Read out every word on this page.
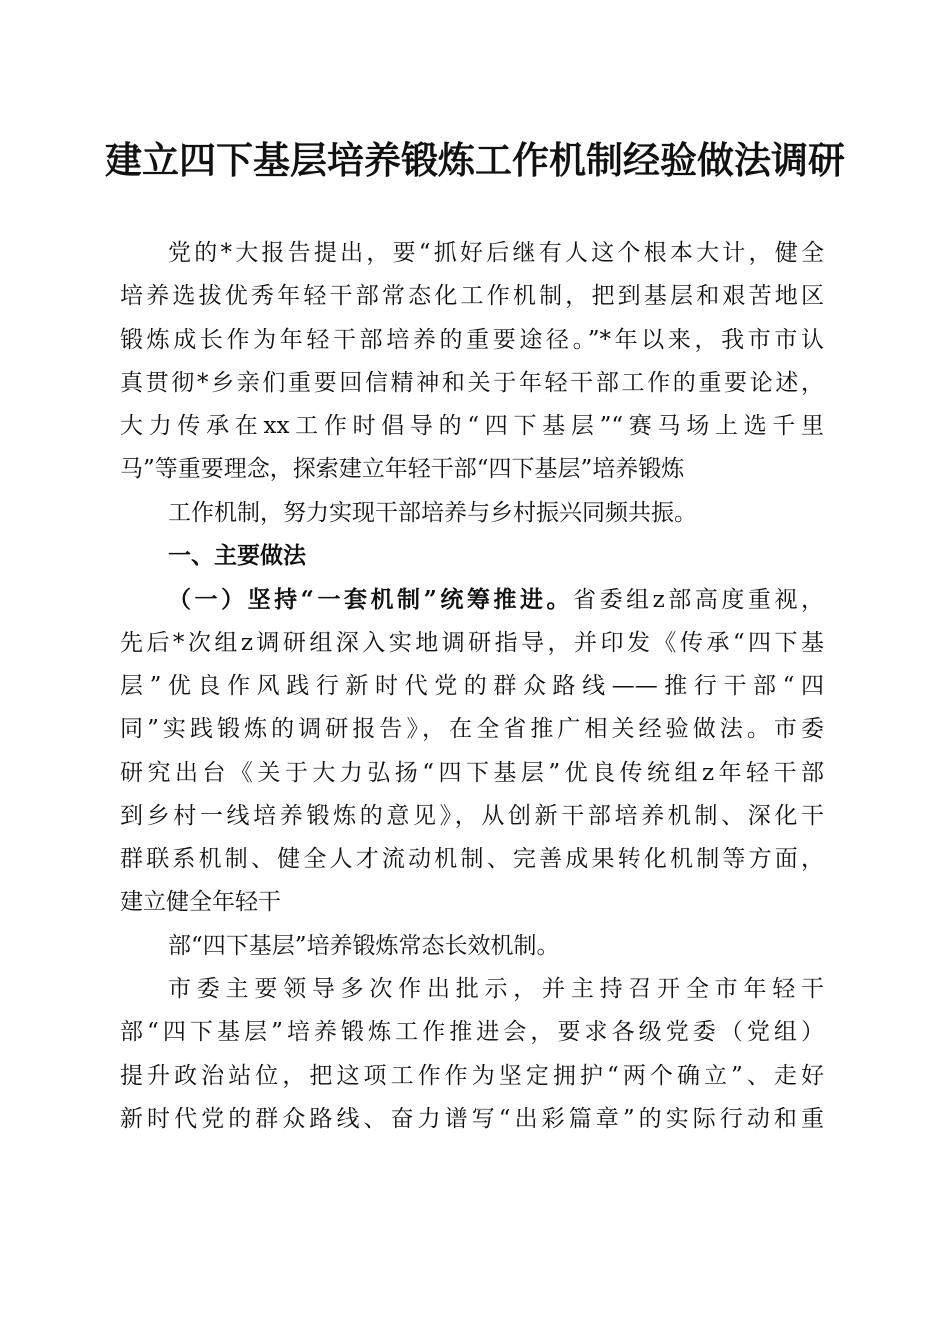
建立四下基层培养锻炼工作机制经验做法调研
党的*大报告提出，要“抓好后继有人这个根本大计，健全
培养选拔优秀年轻干部常态化工作机制，把到基层和艰苦地区
锻炼成长作为年轻干部培养的重要途径。”*年以来，我市市认
真贯彻*乡亲们重要回信精神和关于年轻干部工作的重要论述，
大力传承在xx工作时倡导的“四下基层”“赛马场上选千里
马”等重要理念，探索建立年轻干部“四下基层”培养锻炼
工作机制，努力实现干部培养与乡村振兴同频共振。
一、主要做法
（一）坚持“一套机制”统筹推进。省委组z部高度重视，
先后*次组z调研组深入实地调研指导，并印发《传承“四下基
层”优良作风践行新时代党的群众路线——推行干部“四
同”实践锻炼的调研报告》，在全省推广相关经验做法。市委
研究出台《关于大力弘扬“四下基层”优良传统组z年轻干部
到乡村一线培养锻炼的意见》，从创新干部培养机制、深化干
群联系机制、健全人才流动机制、完善成果转化机制等方面，
建立健全年轻干
部“四下基层”培养锻炼常态长效机制。
市委主要领导多次作出批示，并主持召开全市年轻干
部“四下基层”培养锻炼工作推进会，要求各级党委（党组）
提升政治站位，把这项工作作为坚定拥护“两个确立”、走好
新时代党的群众路线、奋力谱写“出彩篇章”的实际行动和重
